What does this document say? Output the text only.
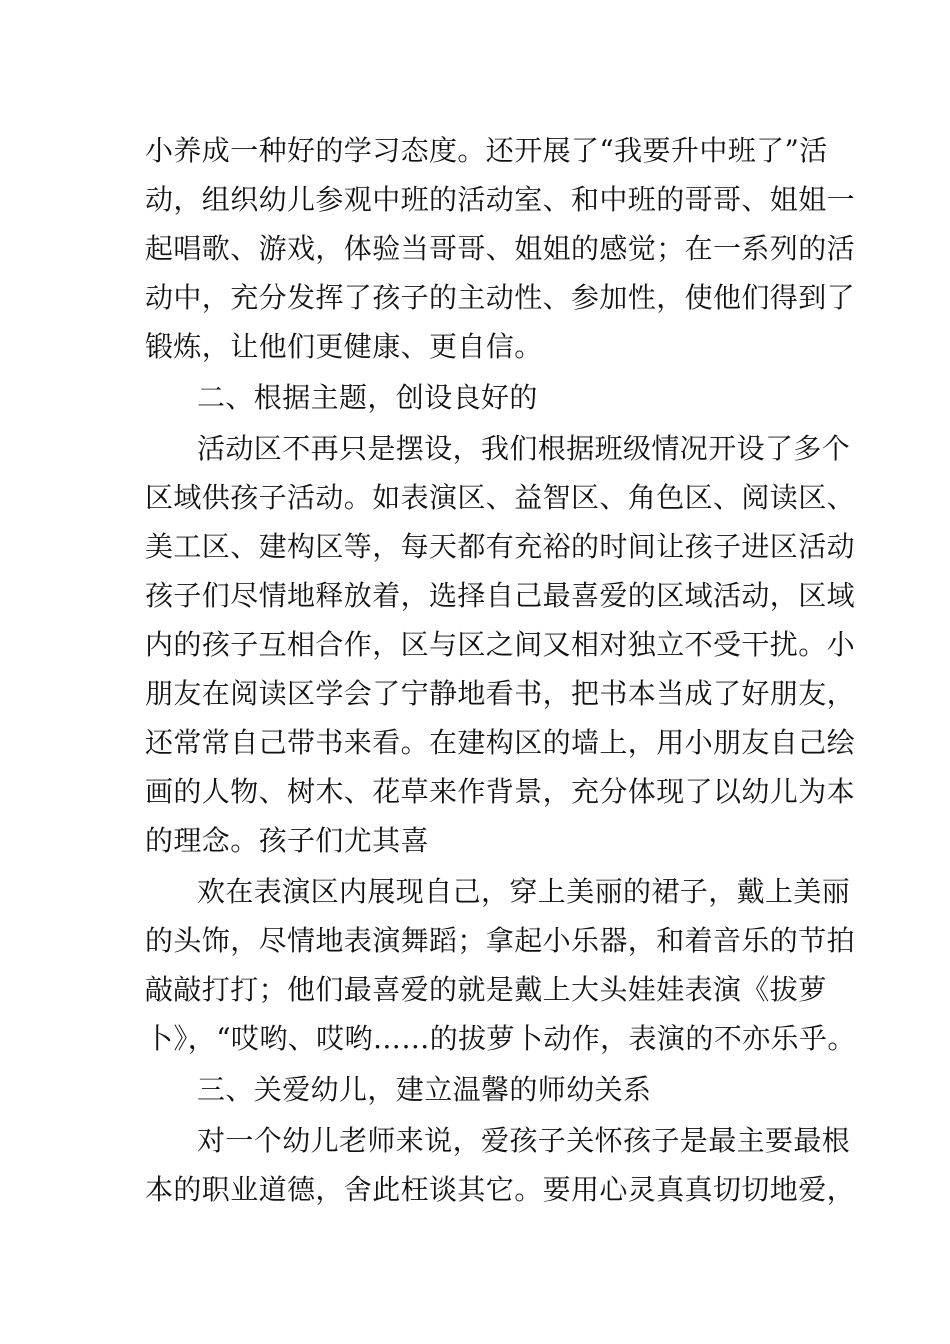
小养成一种好的学习态度。还开展了“我要升中班了”活
动，组织幼儿参观中班的活动室、和中班的哥哥、姐姐一
起唱歌、游戏，体验当哥哥、姐姐的感觉；在一系列的活
动中，充分发挥了孩子的主动性、参加性，使他们得到了
锻炼，让他们更健康、更自信。
二、根据主题，创设良好的
活动区不再只是摆设，我们根据班级情况开设了多个
区域供孩子活动。如表演区、益智区、角色区、阅读区、
美工区、建构区等，每天都有充裕的时间让孩子进区活动
孩子们尽情地释放着，选择自己最喜爱的区域活动，区域
内的孩子互相合作，区与区之间又相对独立不受干扰。小
朋友在阅读区学会了宁静地看书，把书本当成了好朋友，
还常常自己带书来看。在建构区的墙上，用小朋友自己绘
画的人物、树木、花草来作背景，充分体现了以幼儿为本
的理念。孩子们尤其喜
欢在表演区内展现自己，穿上美丽的裙子，戴上美丽
的头饰，尽情地表演舞蹈；拿起小乐器，和着音乐的节拍
敲敲打打；他们最喜爱的就是戴上大头娃娃表演《拔萝
卜》，“哎哟、哎哟……的拔萝卜动作，表演的不亦乐乎。
三、关爱幼儿，建立温馨的师幼关系
对一个幼儿老师来说，爱孩子关怀孩子是最主要最根
本的职业道德，舍此枉谈其它。要用心灵真真切切地爱，
